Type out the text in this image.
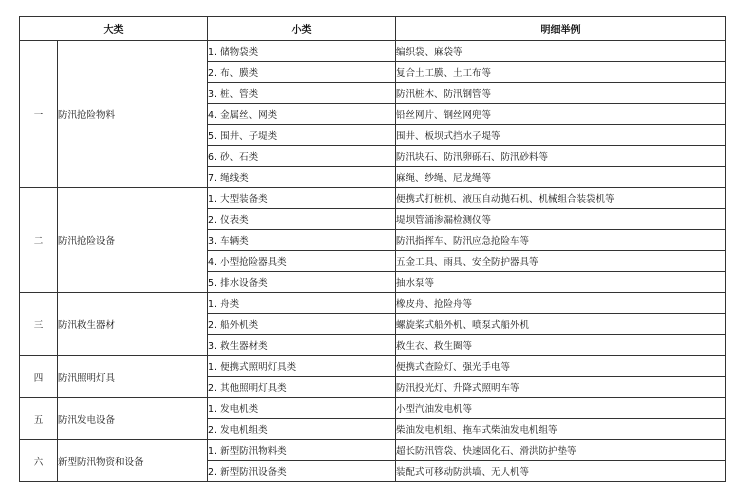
大类		小类	明细举例
一	防汛抢险物料	1. 储物袋类	编织袋、麻袋等
		2. 布、膜类	复合土工膜、土工布等
		3. 桩、管类	防汛桩木、防汛钢管等
		4. 金属丝、网类	铅丝网片、钢丝网兜等
		5. 围井、子堤类	围井、板坝式挡水子堤等
		6. 砂、石类	防汛块石、防汛卵砾石、防汛砂料等
		7. 绳线类	麻绳、纱绳、尼龙绳等
二	防汛抢险设备	1. 大型装备类	便携式打桩机、液压自动抛石机、机械组合装袋机等
		2. 仪表类	堤坝管涌渗漏检测仪等
		3. 车辆类	防汛指挥车、防汛应急抢险车等
		4. 小型抢险器具类	五金工具、雨具、安全防护器具等
		5. 排水设备类	抽水泵等
三	防汛救生器材	1. 舟类	橡皮舟、抢险舟等
		2. 船外机类	螺旋桨式船外机、喷泵式船外机
		3. 救生器材类	救生衣、救生圈等
四	防汛照明灯具	1. 便携式照明灯具类	便携式查险灯、强光手电等
		2. 其他照明灯具类	防汛投光灯、升降式照明车等
五	防汛发电设备	1. 发电机类	小型汽油发电机等
		2. 发电机组类	柴油发电机组、拖车式柴油发电机组等
六	新型防汛物资和设备	1. 新型防汛物料类	超长防汛管袋、快速固化石、滑洪防护垫等
		2. 新型防汛设备类	装配式可移动防洪墙、无人机等
